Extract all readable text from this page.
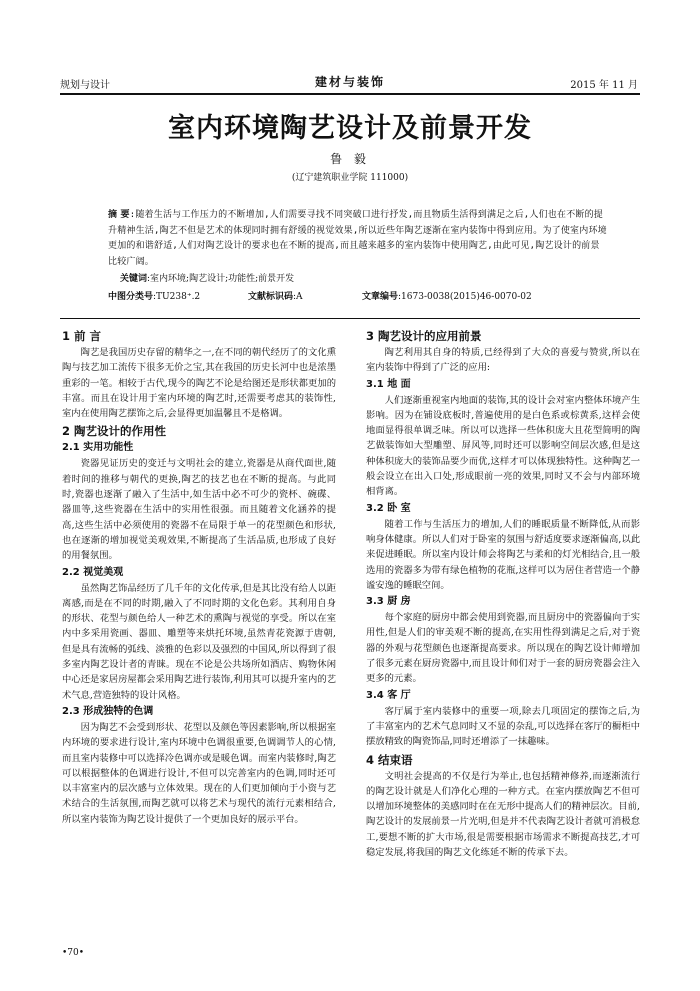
规划与设计	建材与装饰	2015 年 11 月
室内环境陶艺设计及前景开发
鲁 毅
(辽宁建筑职业学院 111000)
摘 要:随着生活与工作压力的不断增加,人们需要寻找不同突破口进行抒发,而且物质生活得到满足之后,人们也在不断的提升精神生活,陶艺不但是艺术的体现同时拥有舒缓的视觉效果,所以近些年陶艺逐渐在室内装饰中得到应用。为了使室内环境更加的和谐舒适,人们对陶艺设计的要求也在不断的提高,而且越来越多的室内装饰中使用陶艺,由此可见,陶艺设计的前景比较广阔。
关键词:室内环境;陶艺设计;功能性;前景开发
中图分类号:TU238⁺.2	文献标识码:A	文章编号:1673-0038(2015)46-0070-02
1 前 言

陶艺是我国历史存留的精华之一,在不同的朝代经历了的文化熏陶与技艺加工流传下很多无价之宝,其在我国的历史长河中也是浓墨重彩的一笔。相较于古代,现今的陶艺不论是给图还是形状都更加的丰富。而且在设计用于室内环境的陶艺时,还需要考虑其的装饰性,室内在使用陶艺摆饰之后,会显得更加温馨且不是格调。

2 陶艺设计的作用性
2.1 实用功能性

瓷器见证历史的变迁与文明社会的建立,瓷器是从商代面世,随着时间的推移与朝代的更换,陶艺的技艺也在不断的提高。与此同时,瓷器也逐渐了融入了生活中,如生活中必不可少的瓷杯、碗碟、器皿等,这些瓷器在生活中的实用性很强。而且随着文化涵养的提高,这些生活中必须使用的瓷器不在局限于单一的花型颜色和形状,也在逐渐的增加视觉美观效果,不断提高了生活品质,也形成了良好的用餐氛围。

2.2 视觉美观

虽然陶艺饰品经历了几千年的文化传承,但是其比没有给人以距离感,而是在不同的时期,融入了不同时期的文化色彩。其利用自身的形状、花型与颜色给人一种艺术的熏陶与视觉的享受。所以在室内中多采用瓷画、器皿、雕塑等来烘托环境,虽然青花瓷源于唐朝,但是具有流畅的弧线、淡雅的色彩以及强烈的中国风,所以得到了很多室内陶艺设计者的青睐。现在不论是公共场所如酒店、购物休闲中心还是家居房屋都会采用陶艺进行装饰,利用其可以提升室内的艺术气息,营造独特的设计风格。

2.3 形成独特的色调

因为陶艺不会受到形状、花型以及颜色等因素影响,所以根据室内环境的要求进行设计,室内环境中色调很重要,色调调节人的心情,而且室内装修中可以选择冷色调亦或是暖色调。而室内装修时,陶艺可以根据整体的色调进行设计,不但可以完善室内的色调,同时还可以丰富室内的层次感与立体效果。现在的人们更加倾向于小资与艺术结合的生活氛围,而陶艺就可以将艺术与现代的流行元素相结合,所以室内装饰为陶艺设计提供了一个更加良好的展示平台。

3 陶艺设计的应用前景

陶艺利用其自身的特质,已经得到了大众的喜爱与赞赏,所以在室内装饰中得到了广泛的应用:

3.1 地 面

人们逐渐重视室内地面的装饰,其的设计会对室内整体环境产生影响。因为在铺设底板时,普遍使用的是白色系或棕黄系,这样会使地面显得很单调乏味。所以可以选择一些体积庞大且花型简明的陶艺做装饰如大型雕塑、屏风等,同时还可以影响空间层次感,但是这种体积庞大的装饰品要少而优,这样才可以体现独特性。这种陶艺一般会设立在出入口处,形成眼前一亮的效果,同时又不会与内部环境相背离。

3.2 卧 室

随着工作与生活压力的增加,人们的睡眠质量不断降低,从而影响身体健康。所以人们对于卧室的氛围与舒适度要求逐渐偏高,以此来促进睡眠。所以室内设计师会将陶艺与柔和的灯光相结合,且一般选用的瓷器多为带有绿色植物的花瓶,这样可以为居住者营造一个静谧安逸的睡眠空间。

3.3 厨 房

每个家庭的厨房中都会使用到瓷器,而且厨房中的瓷器偏向于实用性,但是人们的审美观不断的提高,在实用性得到满足之后,对于瓷器的外观与花型颜色也逐渐提高要求。所以现在的陶艺设计师增加了很多元素在厨房瓷器中,而且设计师们对于一套的厨房瓷器会注入更多的元素。

3.4 客 厅

客厅属于室内装修中的重要一项,除去几项固定的摆饰之后,为了丰富室内的艺术气息同时又不显的杂乱,可以选择在客厅的橱柜中摆放精致的陶瓷饰品,同时还增添了一抹趣味。

4 结束语

文明社会提高的不仅是行为举止,也包括精神修养,而逐渐流行的陶艺设计就是人们净化心理的一种方式。在室内摆放陶艺不但可以增加环境整体的美感同时在在无形中提高人们的精神层次。目前,陶艺设计的发展前景一片光明,但是并不代表陶艺设计者就可消极怠工,要想不断的扩大市场,很是需要根据市场需求不断提高技艺,才可稳定发展,将我国的陶艺文化练延不断的传承下去。

•70•
